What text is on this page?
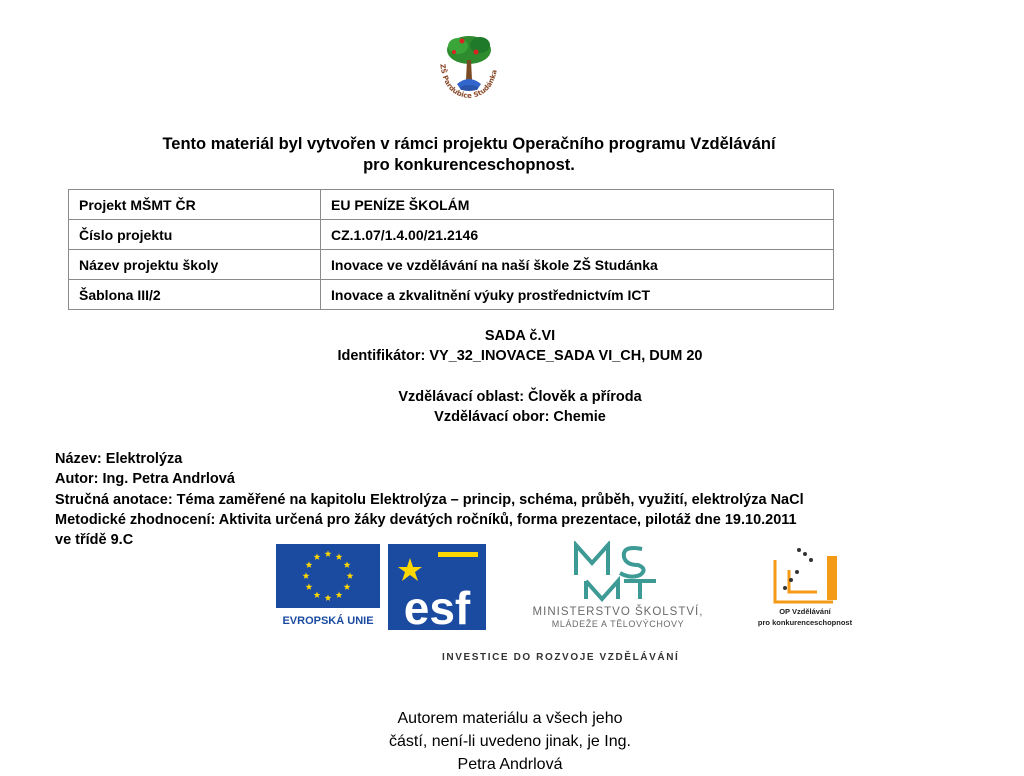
ZŠ Pardubice Studánka
Tento materiál byl vytvořen v rámci projektu Operačního programu Vzdělávání
pro konkurenceschopnost.
Projekt MŠMT ČR	EU PENÍZE ŠKOLÁM
Číslo projektu	CZ.1.07/1.4.00/21.2146
Název projektu školy	Inovace ve vzdělávání na naší škole ZŠ Studánka
Šablona III/2	Inovace a zkvalitnění výuky prostřednictvím ICT
SADA č.VI
Identifikátor: VY_32_INOVACE_SADA VI_CH, DUM 20
Vzdělávací oblast: Člověk a příroda
Vzdělávací obor: Chemie
Název: Elektrolýza
Autor: Ing. Petra Andrlová
Stručná anotace: Téma zaměřené na kapitolu Elektrolýza – princip, schéma, průběh, využití, elektrolýza NaCl
Metodické zhodnocení: Aktivita určená pro žáky devátých ročníků, forma prezentace, pilotáž dne 19.10.2011
ve třídě 9.C
EVROPSKÁ UNIE esf	MINISTERSTVO ŠKOLSTVÍ,
MLÁDEŽE A TĚLOVÝCHOVY
OP Vzdělávání
pro konkurenceschopnost
INVESTICE DO ROZVOJE VZDĚLÁVÁNÍ
Autorem materiálu a všech jeho
částí, není-li uvedeno jinak, je Ing.
Petra Andrlová
